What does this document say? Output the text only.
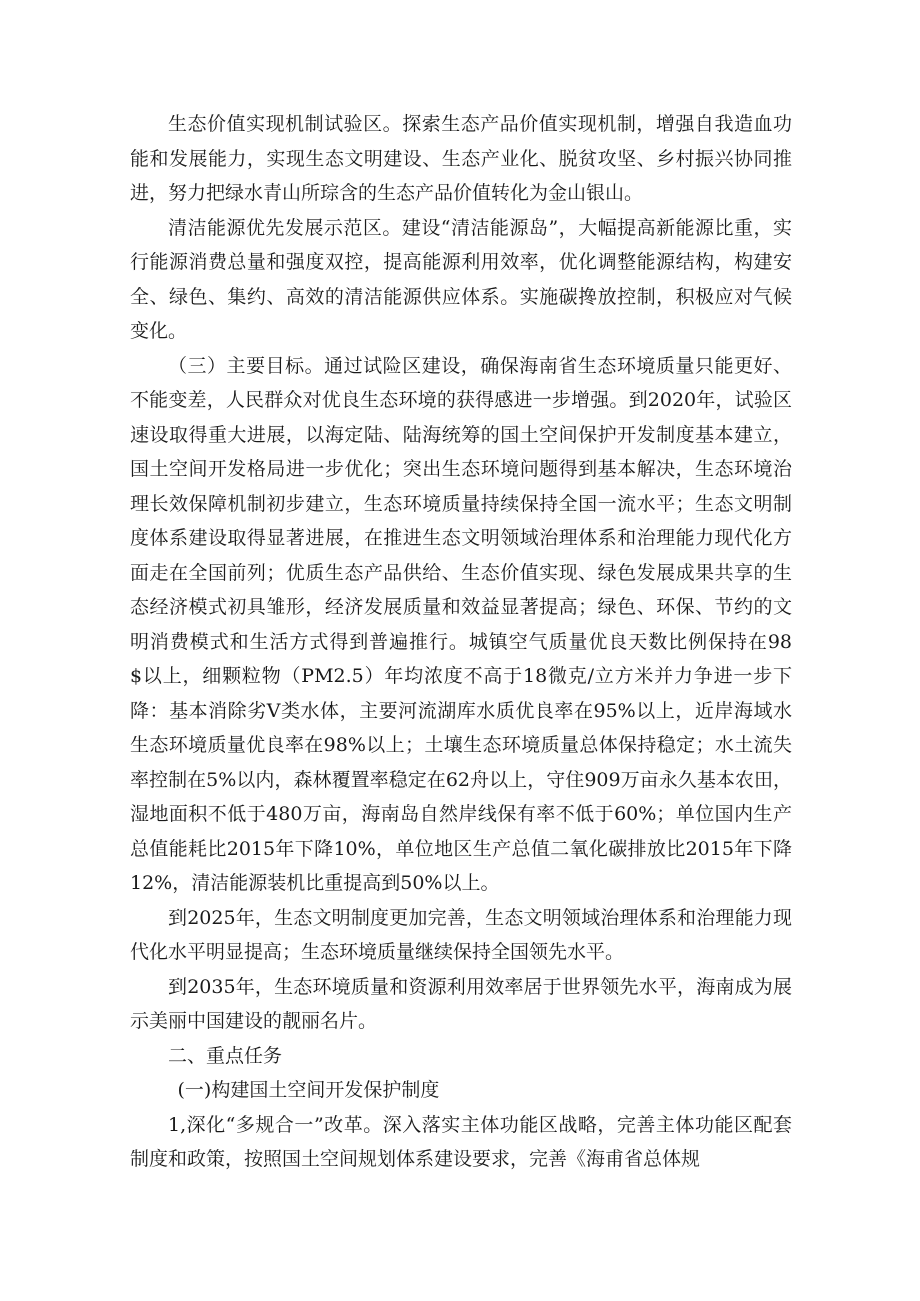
生态价值实现机制试验区。探索生态产品价值实现机制，增强自我造血功能和发展能力，实现生态文明建设、生态产业化、脱贫攻坚、乡村振兴协同推进，努力把绿水青山所琮含的生态产品价值转化为金山银山。

清洁能源优先发展示范区。建设“清洁能源岛”，大幅提高新能源比重，实行能源消费总量和强度双控，提高能源利用效率，优化调整能源结构，构建安全、绿色、集约、高效的清洁能源供应体系。实施碳搀放控制，积极应对气候变化。

（三）主要目标。通过试险区建设，确保海南省生态环境质量只能更好、不能变差，人民群众对优良生态环境的获得感进一步增强。到2020年，试验区速设取得重大进展，以海定陆、陆海统筹的国土空间保护开发制度基本建立，国土空间开发格局进一步优化；突出生态环境问题得到基本解决，生态环境治理长效保障机制初步建立，生态环境质量持续保持全国一流水平；生态文明制度体系建设取得显著进展，在推进生态文明领域治理体系和治理能力现代化方面走在全国前列；优质生态产品供给、生态价值实现、绿色发展成果共享的生态经济模式初具雏形，经济发展质量和效益显著提高；绿色、环保、节约的文明消费模式和生活方式得到普遍推行。城镇空气质量优良天数比例保持在98$以上，细颗粒物（PM2.5）年均浓度不高于18微克/立方米并力争进一步下降：基本消除劣V类水体，主要河流湖库水质优良率在95%以上，近岸海域水生态环境质量优良率在98%以上；土壤生态环境质量总体保持稳定；水土流失率控制在5%以内，森林覆置率稳定在62舟以上，守住909万亩永久基本农田，湿地面积不低于480万亩，海南岛自然岸线保有率不低于60%；单位国内生产总值能耗比2015年下降10%，单位地区生产总值二氧化碳排放比2015年下降12%，清洁能源装机比重提高到50%以上。

到2025年，生态文明制度更加完善，生态文明领域治理体系和治理能力现代化水平明显提高；生态环境质量继续保持全国领先水平。

到2035年，生态环境质量和资源利用效率居于世界领先水平，海南成为展示美丽中国建设的靓丽名片。

二、重点任务

(一)构建国土空间开发保护制度

1,深化“多规合一”改革。深入落实主体功能区战略，完善主体功能区配套制度和政策，按照国土空间规划体系建设要求，完善《海甫省总体规
